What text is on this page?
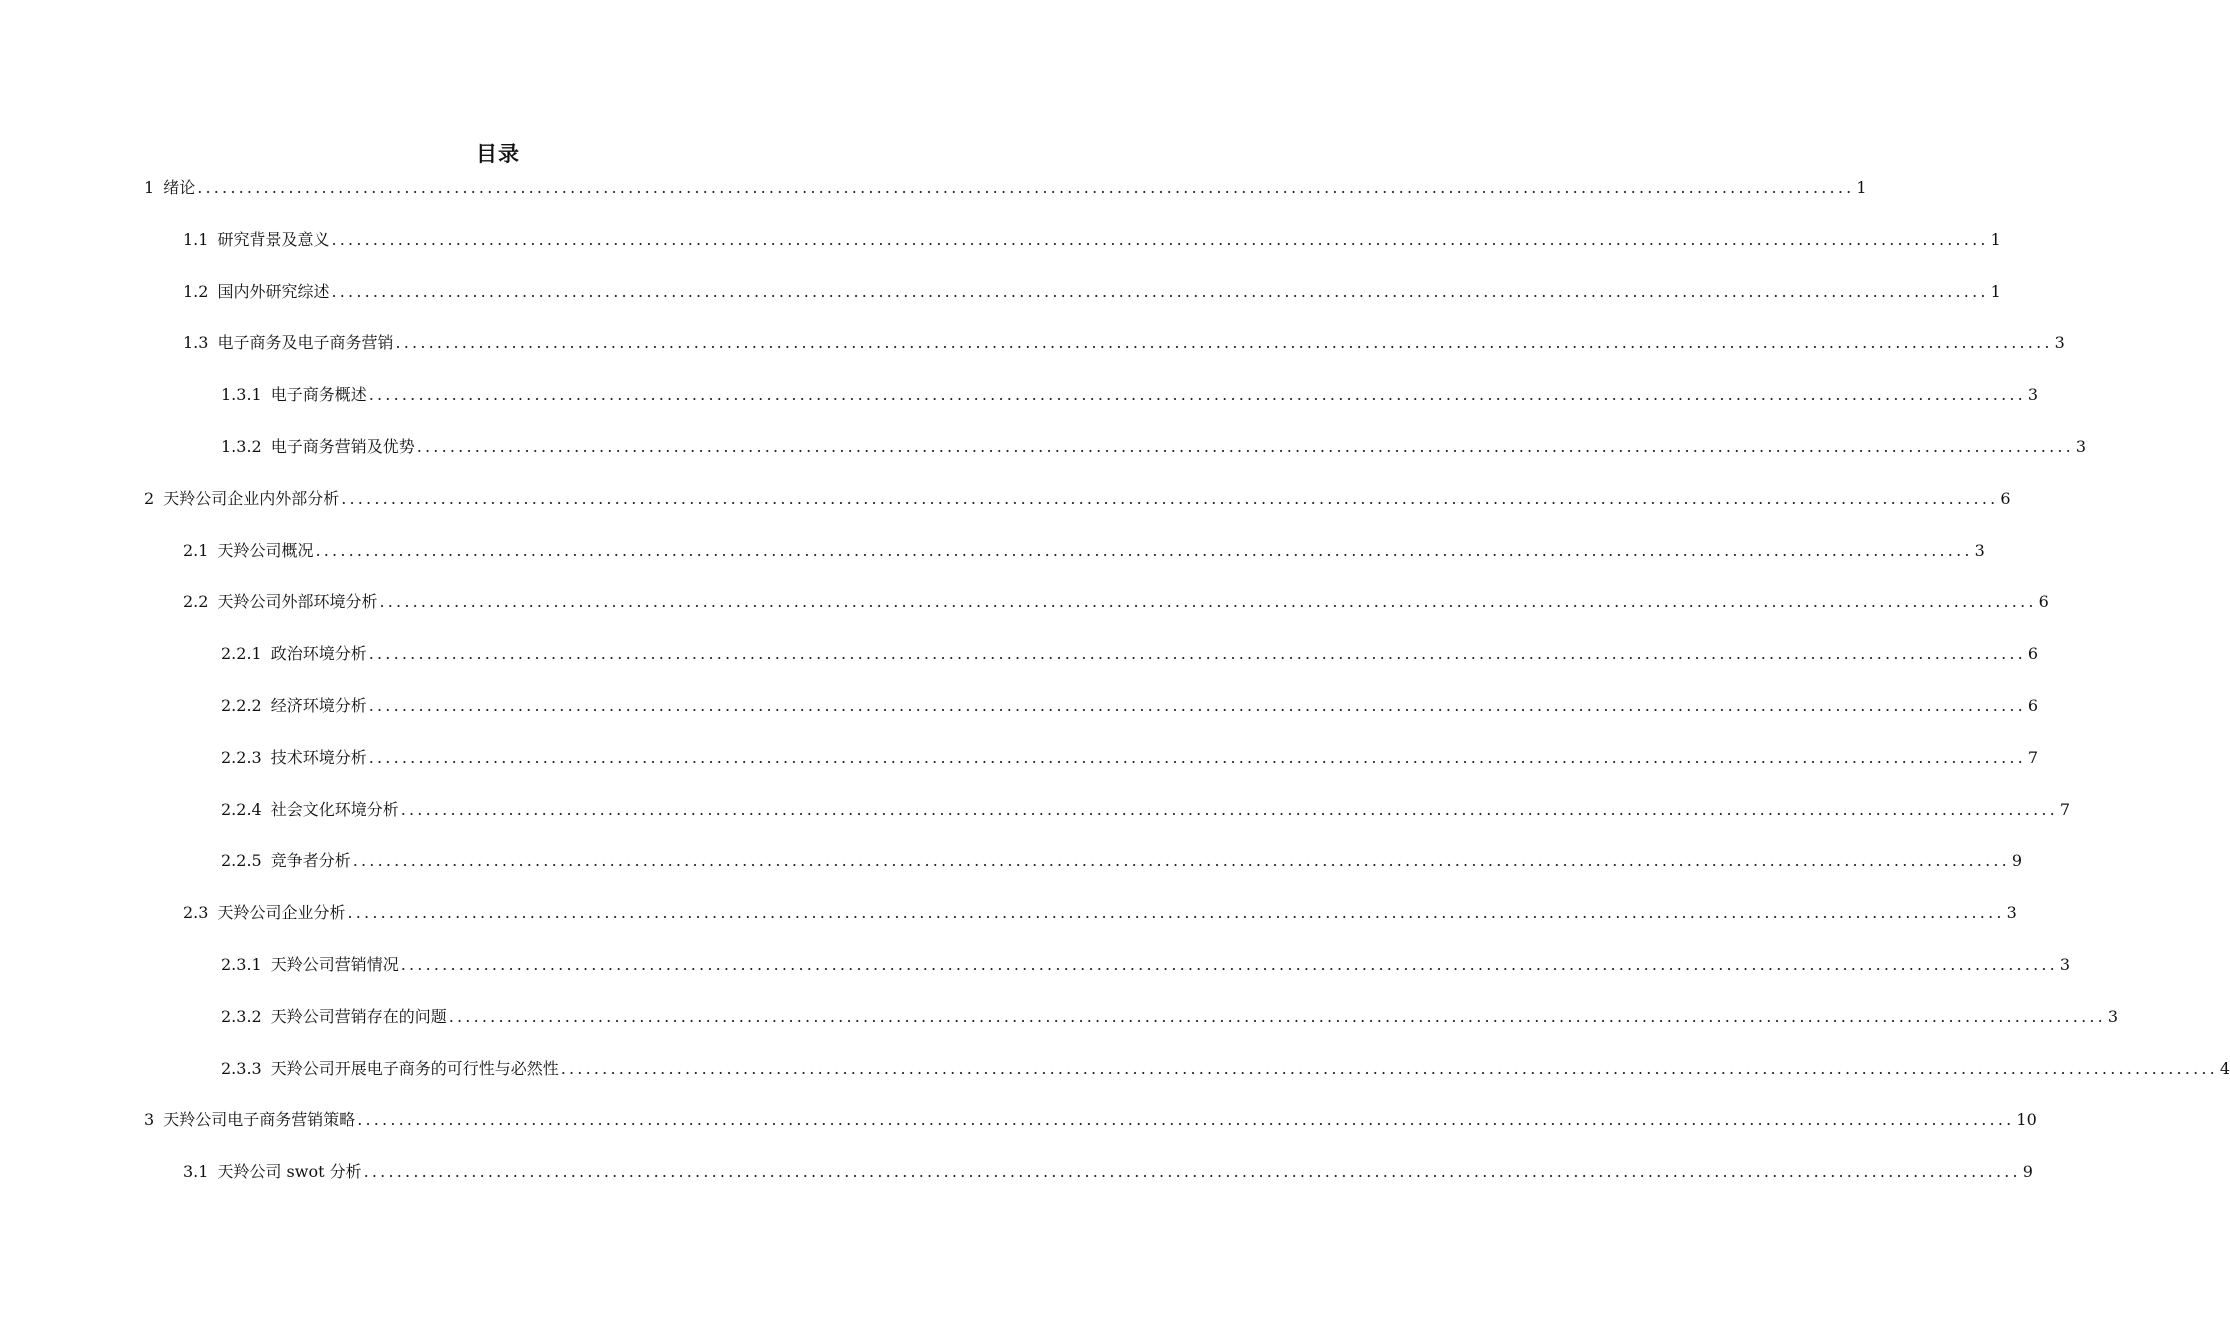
目录
1 绪论 ........................................................................................................................................................................................................ 1
1.1 研究背景及意义 ........................................................................................................................................................................................................ 1
1.2 国内外研究综述 ........................................................................................................................................................................................................ 1
1.3 电子商务及电子商务营销 ........................................................................................................................................................................................................ 3
1.3.1 电子商务概述 ........................................................................................................................................................................................................ 3
1.3.2 电子商务营销及优势 ........................................................................................................................................................................................................ 3
2 天羚公司企业内外部分析 ........................................................................................................................................................................................................ 6
2.1 天羚公司概况 ........................................................................................................................................................................................................ 3
2.2 天羚公司外部环境分析 ........................................................................................................................................................................................................ 6
2.2.1 政治环境分析 ........................................................................................................................................................................................................ 6
2.2.2 经济环境分析 ........................................................................................................................................................................................................ 6
2.2.3 技术环境分析 ........................................................................................................................................................................................................ 7
2.2.4 社会文化环境分析 ........................................................................................................................................................................................................ 7
2.2.5 竞争者分析 ........................................................................................................................................................................................................ 9
2.3 天羚公司企业分析 ........................................................................................................................................................................................................ 3
2.3.1 天羚公司营销情况 ........................................................................................................................................................................................................ 3
2.3.2 天羚公司营销存在的问题 ........................................................................................................................................................................................................ 3
2.3.3 天羚公司开展电子商务的可行性与必然性 ........................................................................................................................................................................................................ 4
3 天羚公司电子商务营销策略 ........................................................................................................................................................................................................ 10
3.1 天羚公司 swot 分析 ........................................................................................................................................................................................................ 9
